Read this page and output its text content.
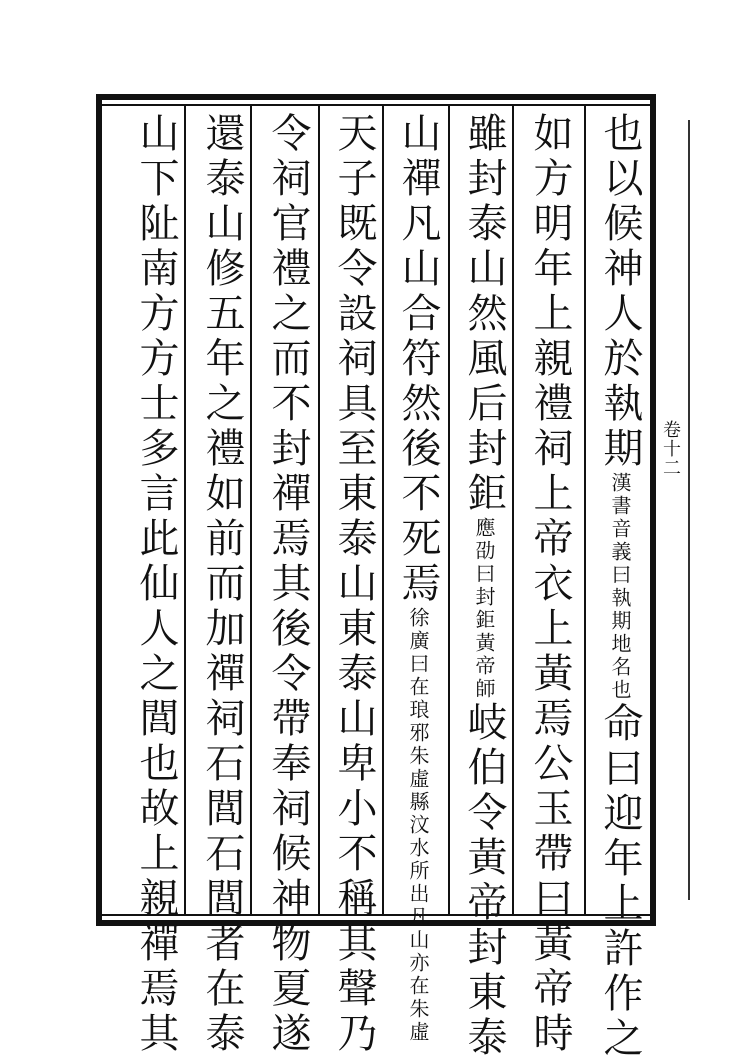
卷十二
也以候神人於執期漢書音義曰執期地名也命曰迎年上許作之
如方明年上親禮祠上帝衣上黃焉公玉帶曰黃帝時
雖封泰山然風后封鉅應劭曰封鉅黃帝師岐伯令黃帝封東泰
山禪凡山合符然後不死焉徐廣曰在琅邪朱虛縣汶水所出凡山亦在朱虛
天子既令設祠具至東泰山東泰山卑小不稱其聲乃
令祠官禮之而不封禪焉其後令帶奉祠候神物夏遂
還泰山修五年之禮如前而加禪祠石閭石閭者在泰
山下阯南方方士多言此仙人之閭也故上親禪焉其
